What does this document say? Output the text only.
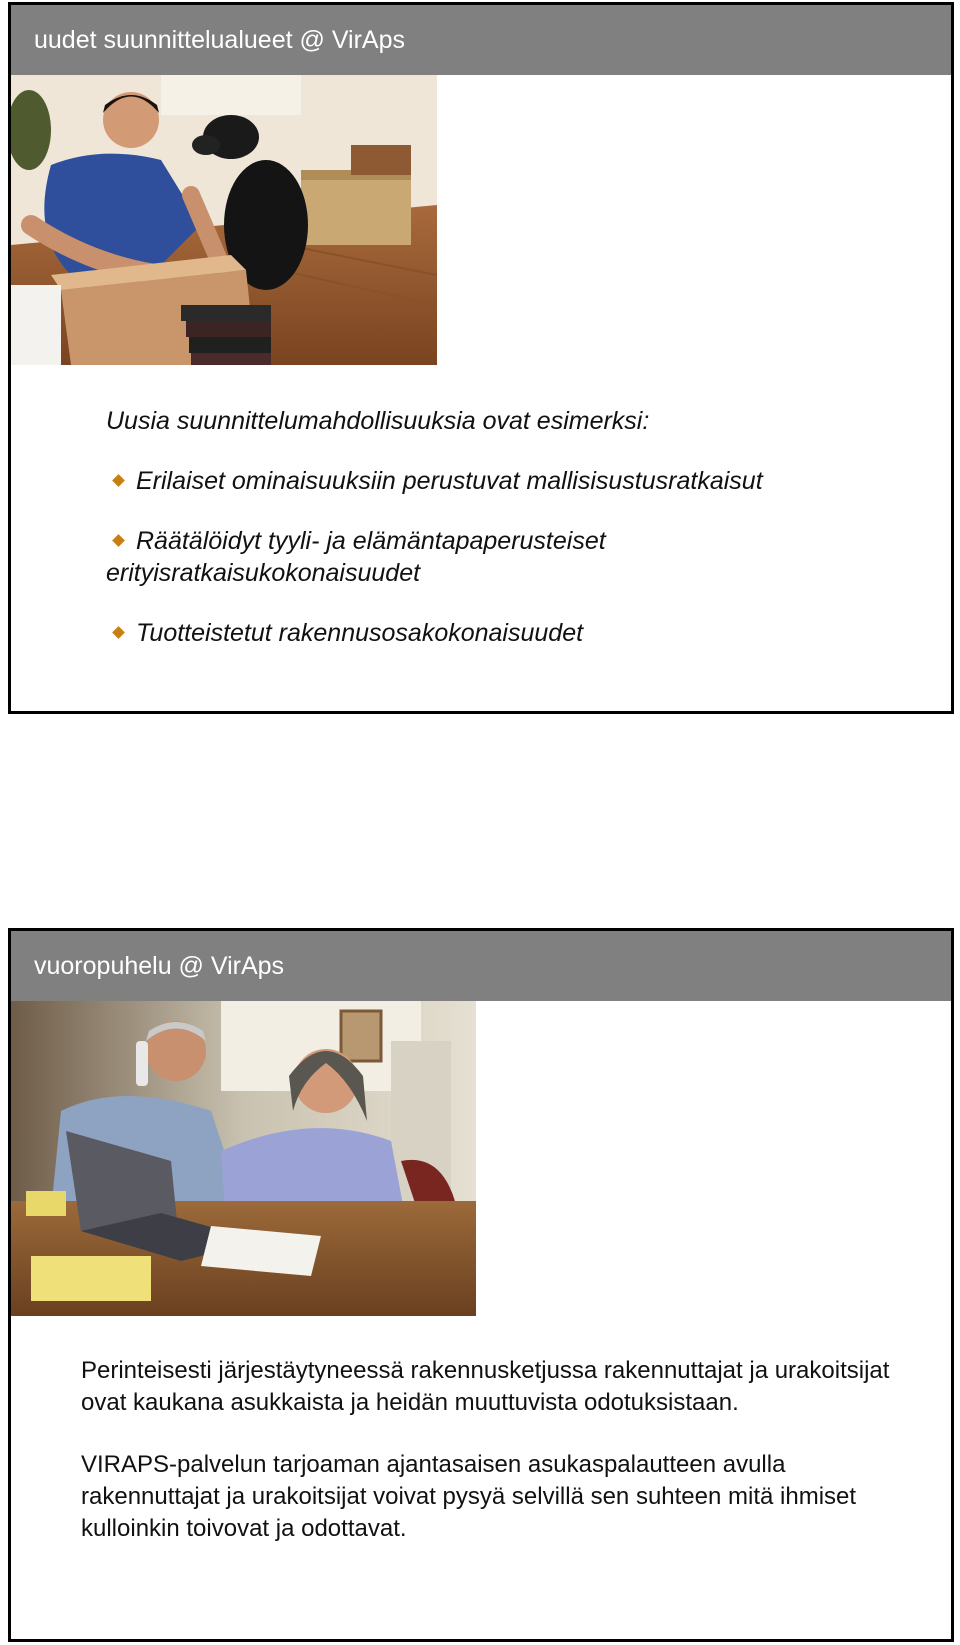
uudet suunnittelualueet @ VirAps

Uusia suunnittelumahdollisuuksia ovat esimerksi:

Erilaiset ominaisuuksiin perustuvat mallisisustusratkaisut

Räätälöidyt tyyli- ja elämäntapaperusteiset erityisratkaisukokonaisuudet

Tuotteistetut rakennusosakokonaisuudet

vuoropuhelu @ VirAps

Perinteisesti järjestäytyneessä rakennusketjussa rakennuttajat ja urakoitsijat ovat kaukana asukkaista ja heidän muuttuvista odotuksistaan.

VIRAPS-palvelun tarjoaman ajantasaisen asukaspalautteen avulla rakennuttajat ja urakoitsijat voivat pysyä selvillä sen suhteen mitä ihmiset kulloinkin toivovat ja odottavat.
